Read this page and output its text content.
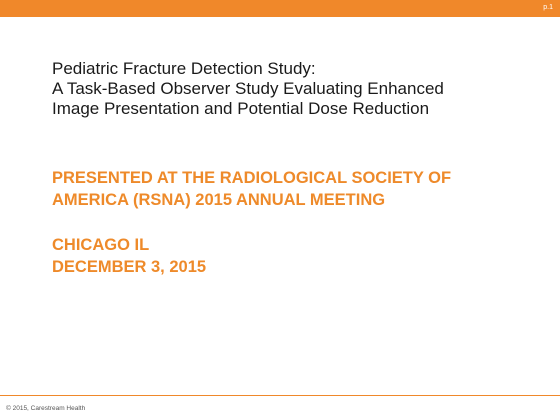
p.1
Pediatric Fracture Detection Study:
A Task-Based Observer Study Evaluating Enhanced
Image Presentation and Potential Dose Reduction
PRESENTED AT THE RADIOLOGICAL SOCIETY OF
AMERICA (RSNA) 2015 ANNUAL MEETING
CHICAGO IL
DECEMBER 3, 2015
© 2015, Carestream Health
